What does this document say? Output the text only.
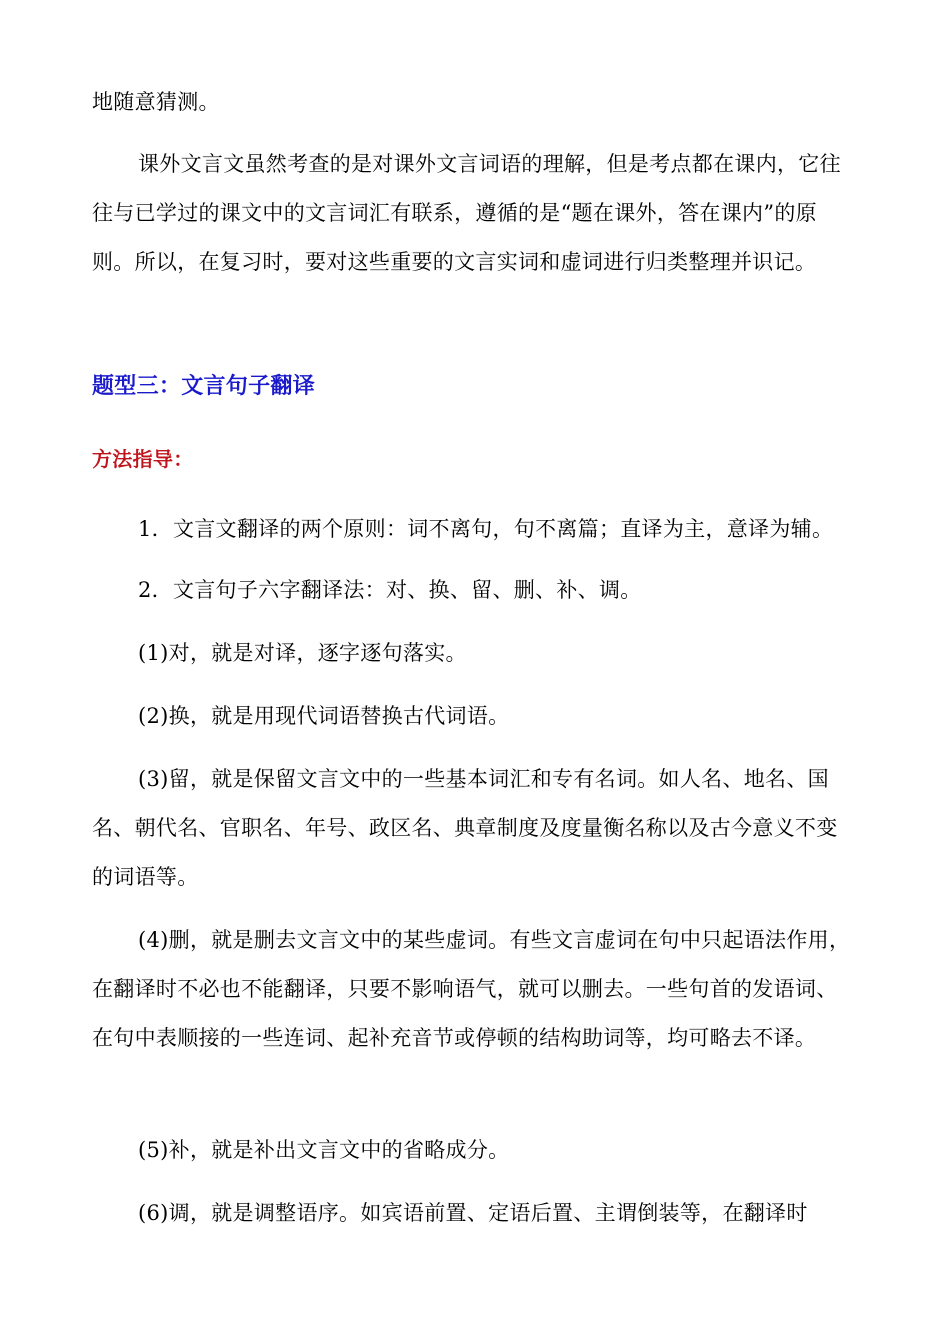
地随意猜测。

课外文言文虽然考查的是对课外文言词语的理解，但是考点都在课内，它往往与已学过的课文中的文言词汇有联系，遵循的是“题在课外，答在课内”的原则。所以，在复习时，要对这些重要的文言实词和虚词进行归类整理并识记。

题型三：文言句子翻译

方法指导：

1．文言文翻译的两个原则：词不离句，句不离篇；直译为主，意译为辅。

2．文言句子六字翻译法：对、换、留、删、补、调。

(1)对，就是对译，逐字逐句落实。

(2)换，就是用现代词语替换古代词语。

(3)留，就是保留文言文中的一些基本词汇和专有名词。如人名、地名、国名、朝代名、官职名、年号、政区名、典章制度及度量衡名称以及古今意义不变的词语等。

(4)删，就是删去文言文中的某些虚词。有些文言虚词在句中只起语法作用，在翻译时不必也不能翻译，只要不影响语气，就可以删去。一些句首的发语词、在句中表顺接的一些连词、起补充音节或停顿的结构助词等，均可略去不译。

(5)补，就是补出文言文中的省略成分。

(6)调，就是调整语序。如宾语前置、定语后置、主谓倒装等，在翻译时
